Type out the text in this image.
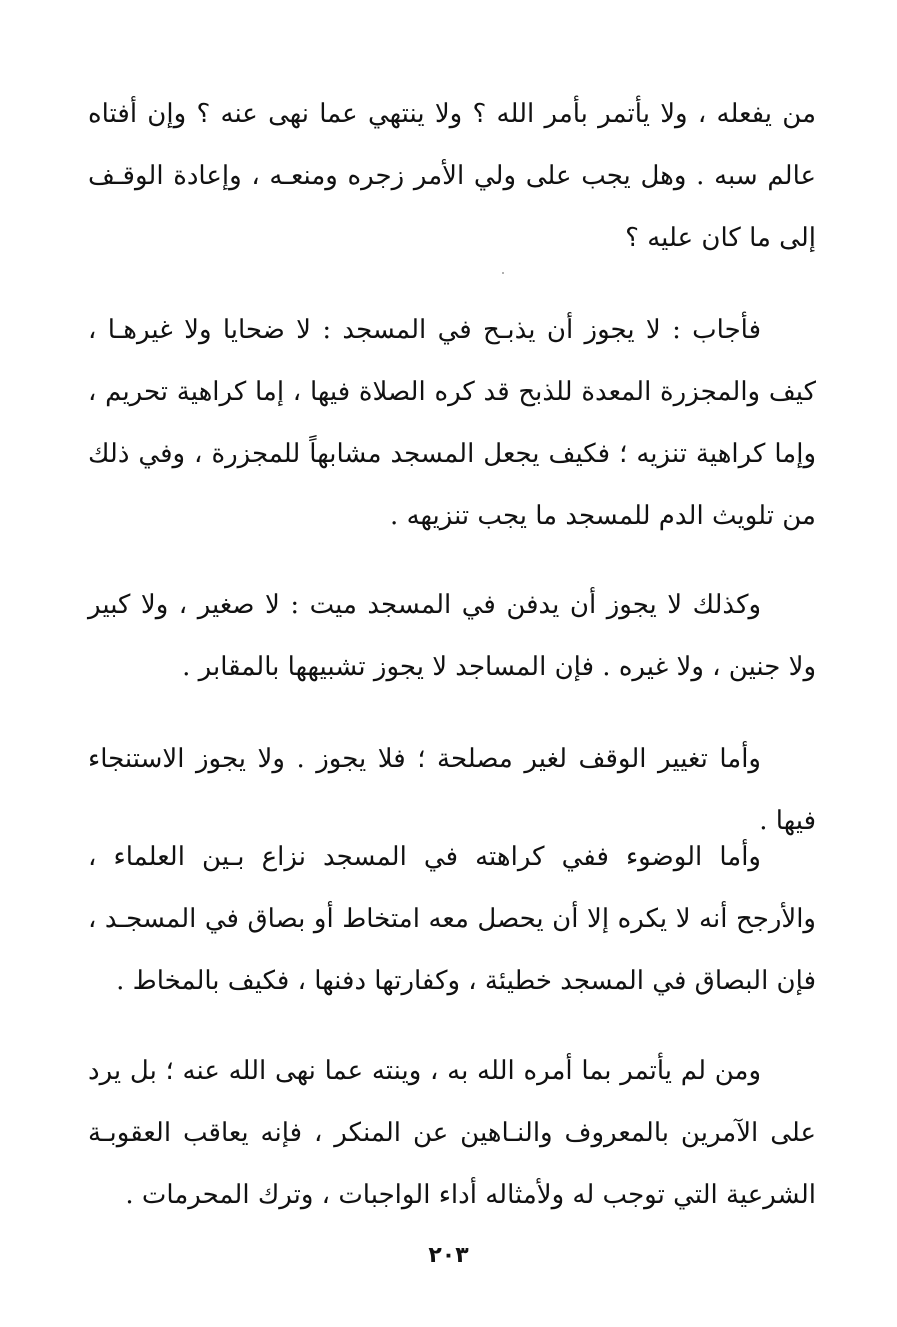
من يفعله ، ولا يأتمر بأمر الله ؟ ولا ينتهي عما نهى عنه ؟ وإن أفتاه عالم سبه . وهل يجب على ولي الأمر زجره ومنعـه ، وإعادة الوقـف إلى ما كان عليه ؟

فأجاب : لا يجوز أن يذبـح في المسجد : لا ضحايا ولا غيرهـا ، كيف والمجزرة المعدة للذبح قد كره الصلاة فيها ، إما كراهية تحريم ، وإما كراهية تنزيه ؛ فكيف يجعل المسجد مشابهاً للمجزرة ، وفي ذلك من تلويث الدم للمسجد ما يجب تنزيهه .

وكذلك لا يجوز أن يدفن في المسجد ميت : لا صغير ، ولا كبير ولا جنين ، ولا غيره . فإن المساجد لا يجوز تشبيهها بالمقابر .

وأما تغيير الوقف لغير مصلحة ؛ فلا يجوز . ولا يجوز الاستنجاء فيها .

وأما الوضوء ففي كراهته في المسجد نزاع بـين العلماء ، والأرجح أنه لا يكره إلا أن يحصل معه امتخاط أو بصاق في المسجـد ، فإن البصاق في المسجد خطيئة ، وكفارتها دفنها ، فكيف بالمخاط .

ومن لم يأتمر بما أمره الله به ، وينته عما نهى الله عنه ؛ بل يرد على الآمرين بالمعروف والنـاهين عن المنكر ، فإنه يعاقب العقوبـة الشرعية التي توجب له ولأمثاله أداء الواجبات ، وترك المحرمات .

٢٠٣
